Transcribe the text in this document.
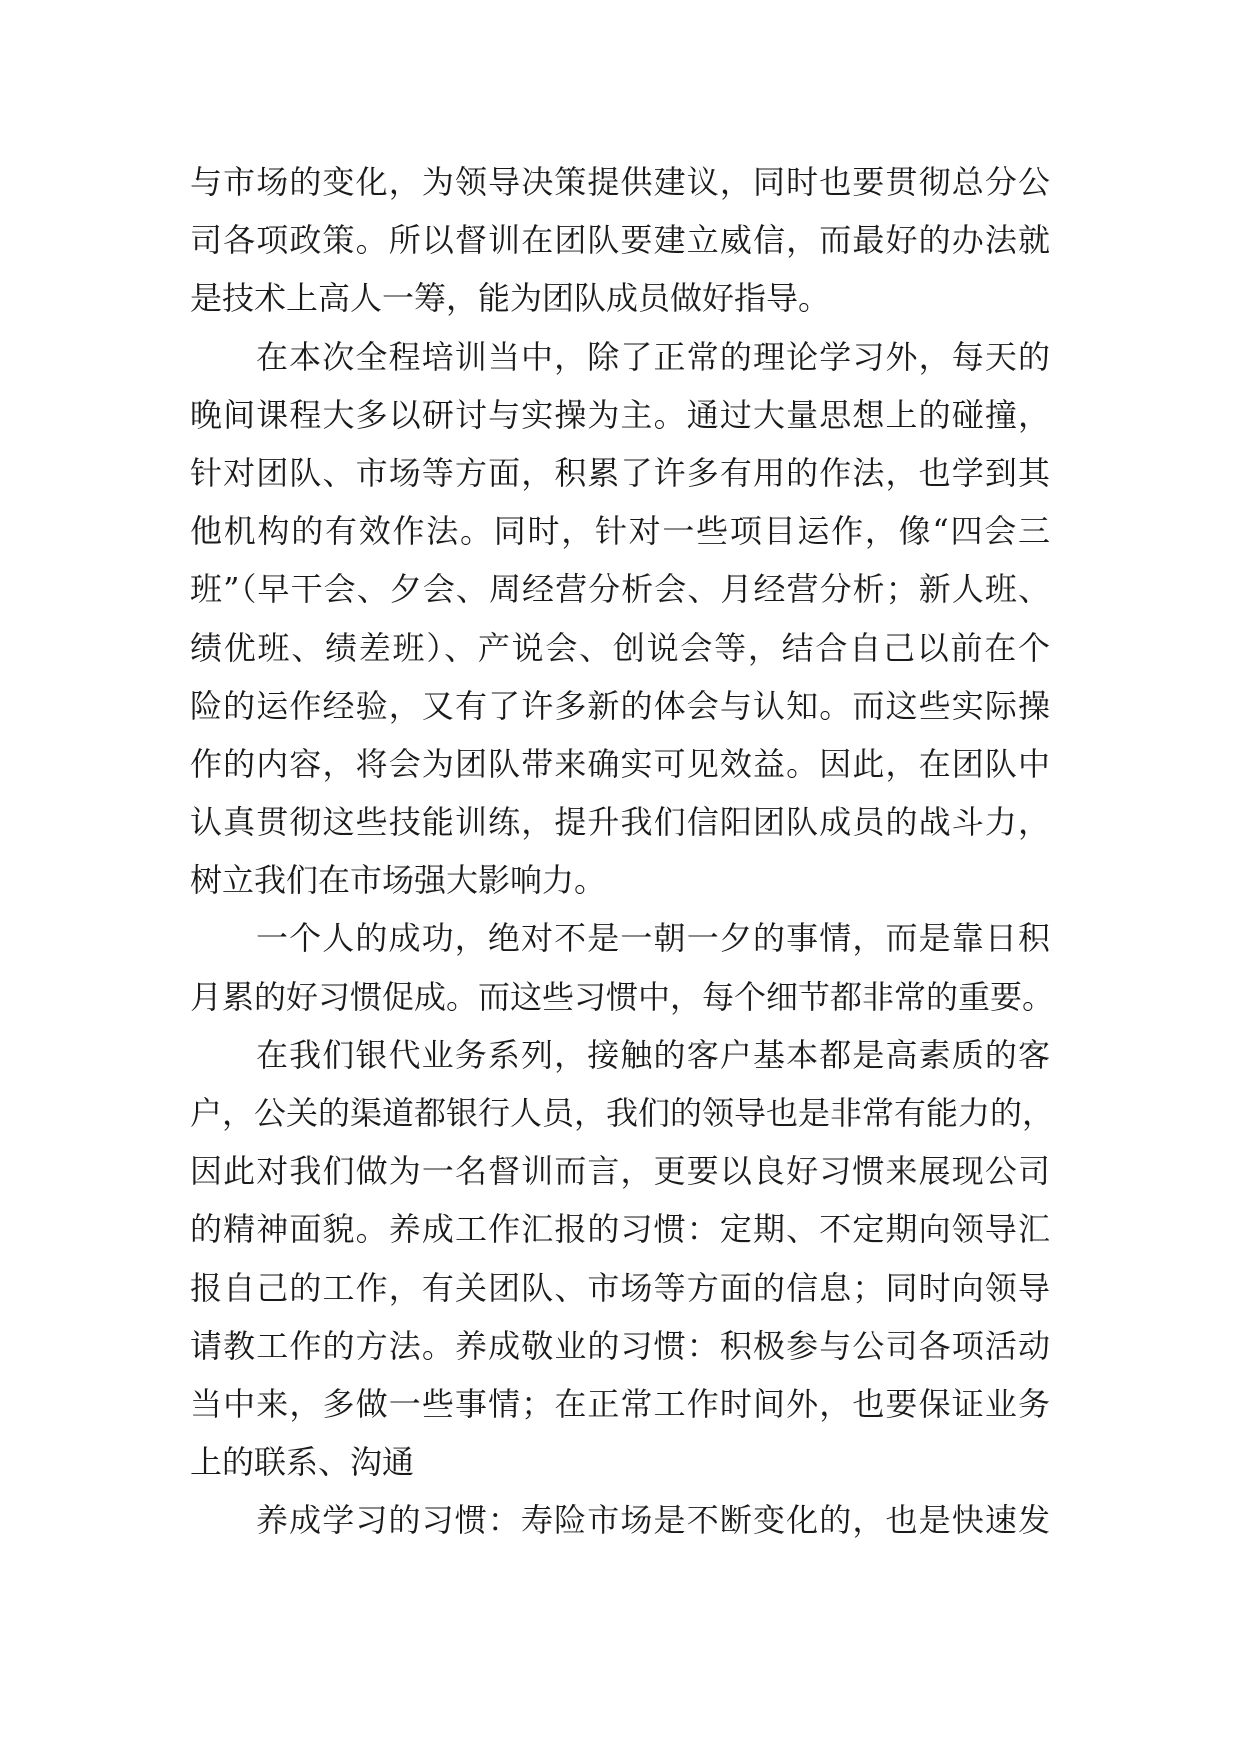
与市场的变化，为领导决策提供建议，同时也要贯彻总分公
司各项政策。所以督训在团队要建立威信，而最好的办法就
是技术上高人一筹，能为团队成员做好指导。
在本次全程培训当中，除了正常的理论学习外，每天的
晚间课程大多以研讨与实操为主。通过大量思想上的碰撞，
针对团队、市场等方面，积累了许多有用的作法，也学到其
他机构的有效作法。同时，针对一些项目运作，像“四会三
班”（早干会、夕会、周经营分析会、月经营分析；新人班、
绩优班、绩差班）、产说会、创说会等，结合自己以前在个
险的运作经验，又有了许多新的体会与认知。而这些实际操
作的内容，将会为团队带来确实可见效益。因此，在团队中
认真贯彻这些技能训练，提升我们信阳团队成员的战斗力，
树立我们在市场强大影响力。
一个人的成功，绝对不是一朝一夕的事情，而是靠日积
月累的好习惯促成。而这些习惯中，每个细节都非常的重要。
在我们银代业务系列，接触的客户基本都是高素质的客
户，公关的渠道都银行人员，我们的领导也是非常有能力的，
因此对我们做为一名督训而言，更要以良好习惯来展现公司
的精神面貌。养成工作汇报的习惯：定期、不定期向领导汇
报自己的工作，有关团队、市场等方面的信息；同时向领导
请教工作的方法。养成敬业的习惯：积极参与公司各项活动
当中来，多做一些事情；在正常工作时间外，也要保证业务
上的联系、沟通
养成学习的习惯：寿险市场是不断变化的，也是快速发
